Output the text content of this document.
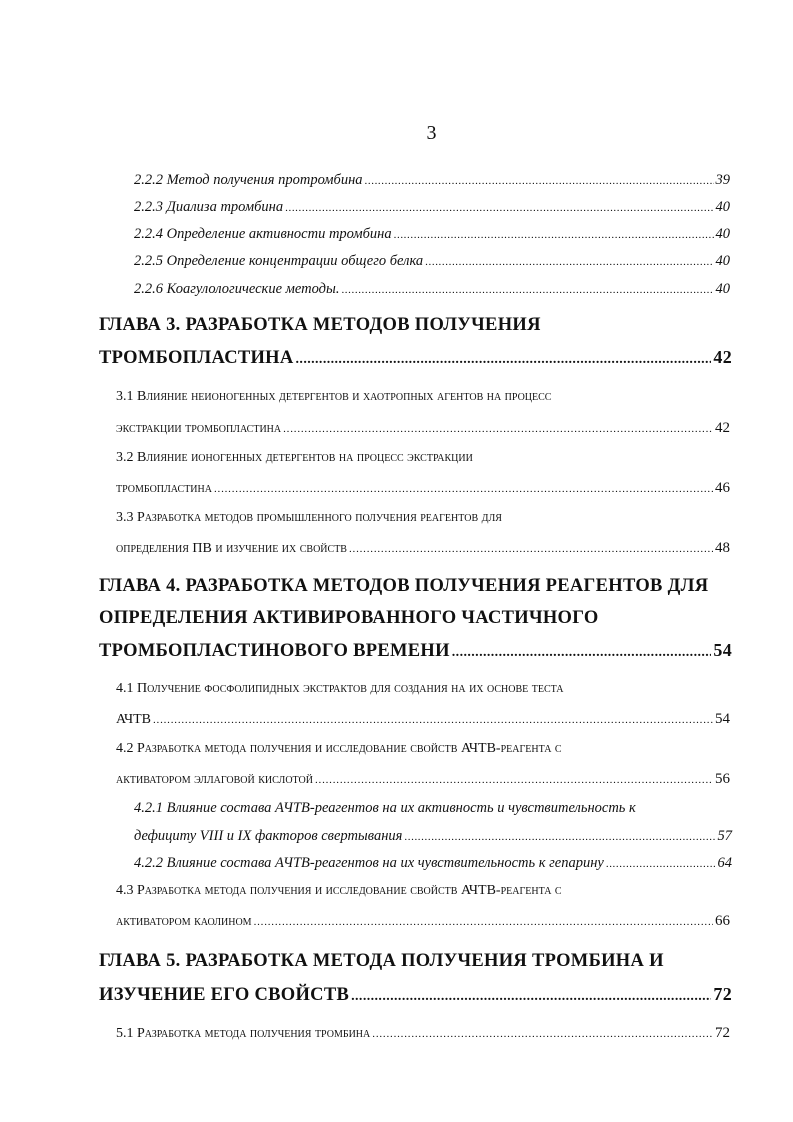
3
2.2.2 Метод получения протромбина .....	39
2.2.3 Диализа тромбина .....	40
2.2.4 Определение активности тромбина .....	40
2.2.5 Определение концентрации общего белка .....	40
2.2.6 Коагулологические методы. .....	40
ГЛАВА 3. РАЗРАБОТКА МЕТОДОВ ПОЛУЧЕНИЯ
ТРОМБОПЛАСТИНА .....	42
3.1 Влияние неионогенных детергентов и хаотропных агентов на процесс
экстракции тромбопластина .....	42
3.2 Влияние ионогенных детергентов на процесс экстракции
тромбопластина .....	46
3.3 Разработка методов промышленного получения реагентов для
определения ПВ и изучение их свойств .....	48
ГЛАВА 4. РАЗРАБОТКА МЕТОДОВ ПОЛУЧЕНИЯ РЕАГЕНТОВ ДЛЯ
ОПРЕДЕЛЕНИЯ АКТИВИРОВАННОГО ЧАСТИЧНОГО
ТРОМБОПЛАСТИНОВОГО ВРЕМЕНИ .....	54
4.1 Получение фосфолипидных экстрактов для создания на их основе теста
АЧТВ .....	54
4.2 Разработка метода получения и исследование свойств АЧТВ-реагента с
активатором эллаговой кислотой .....	56
4.2.1 Влияние состава АЧТВ-реагентов на их активность и чувствительность к
дефициту VIII и IX факторов свертывания .....	57
4.2.2 Влияние состава АЧТВ-реагентов на их чувствительность к гепарину .....	64
4.3 Разработка метода получения и исследование свойств АЧТВ-реагента с
активатором каолином .....	66
ГЛАВА 5. РАЗРАБОТКА МЕТОДА ПОЛУЧЕНИЯ ТРОМБИНА И
ИЗУЧЕНИЕ ЕГО СВОЙСТВ .....	72
5.1 Разработка метода получения тромбина .....	72
